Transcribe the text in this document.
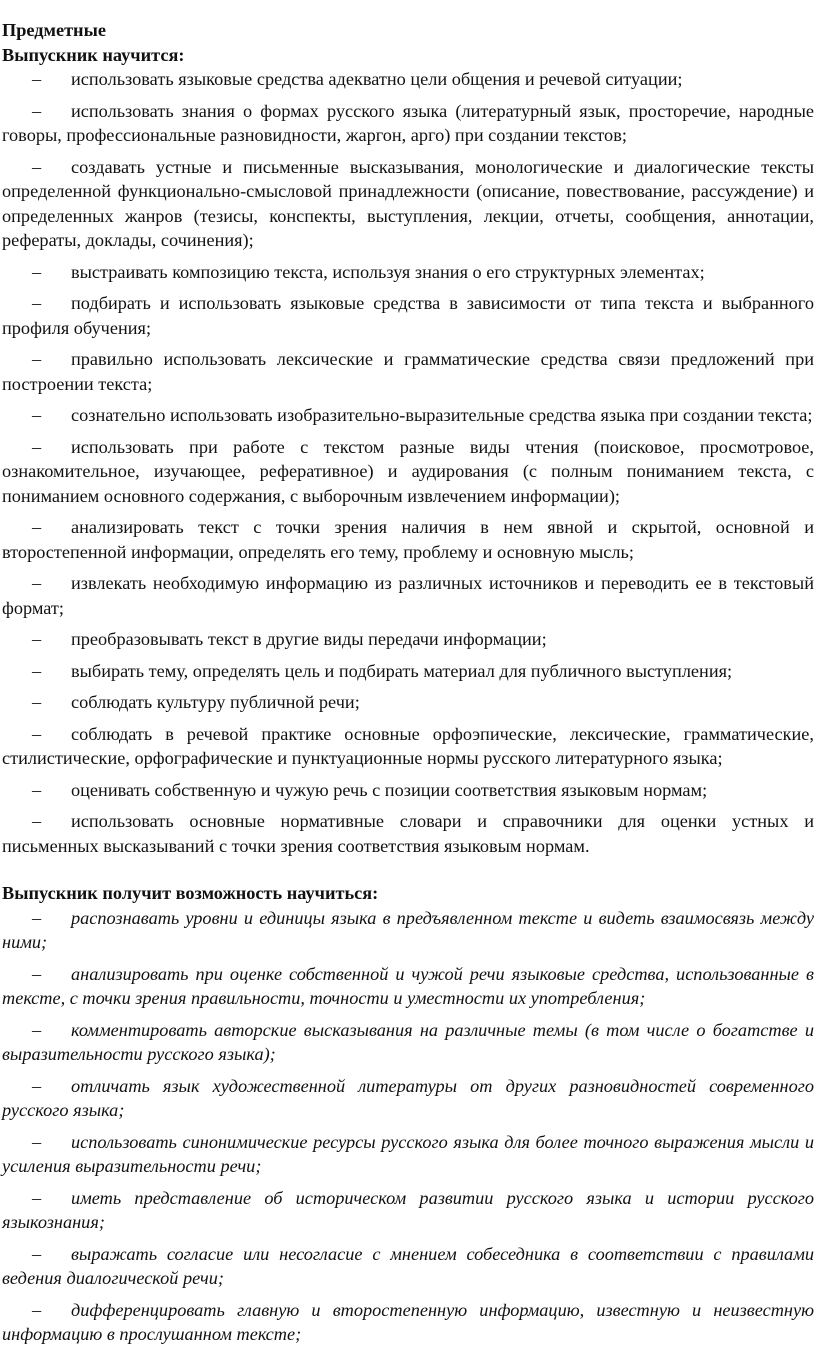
Предметные

Выпускник научится:

– использовать языковые средства адекватно цели общения и речевой ситуации;
– использовать знания о формах русского языка (литературный язык, просторечие, народные говоры, профессиональные разновидности, жаргон, арго) при создании текстов;
– создавать устные и письменные высказывания, монологические и диалогические тексты определенной функционально-смысловой принадлежности (описание, повествование, рассуждение) и определенных жанров (тезисы, конспекты, выступления, лекции, отчеты, сообщения, аннотации, рефераты, доклады, сочинения);
– выстраивать композицию текста, используя знания о его структурных элементах;
– подбирать и использовать языковые средства в зависимости от типа текста и выбранного профиля обучения;
– правильно использовать лексические и грамматические средства связи предложений при построении текста;
– сознательно использовать изобразительно-выразительные средства языка при создании текста;
– использовать при работе с текстом разные виды чтения (поисковое, просмотровое, ознакомительное, изучающее, реферативное) и аудирования (с полным пониманием текста, с пониманием основного содержания, с выборочным извлечением информации);
– анализировать текст с точки зрения наличия в нем явной и скрытой, основной и второстепенной информации, определять его тему, проблему и основную мысль;
– извлекать необходимую информацию из различных источников и переводить ее в текстовый формат;
– преобразовывать текст в другие виды передачи информации;
– выбирать тему, определять цель и подбирать материал для публичного выступления;
– соблюдать культуру публичной речи;
– соблюдать в речевой практике основные орфоэпические, лексические, грамматические, стилистические, орфографические и пунктуационные нормы русского литературного языка;
– оценивать собственную и чужую речь с позиции соответствия языковым нормам;
– использовать основные нормативные словари и справочники для оценки устных и письменных высказываний с точки зрения соответствия языковым нормам.

Выпускник получит возможность научиться:

– распознавать уровни и единицы языка в предъявленном тексте и видеть взаимосвязь между ними;
– анализировать при оценке собственной и чужой речи языковые средства, использованные в тексте, с точки зрения правильности, точности и уместности их употребления;
– комментировать авторские высказывания на различные темы (в том числе о богатстве и выразительности русского языка);
– отличать язык художественной литературы от других разновидностей современного русского языка;
– использовать синонимические ресурсы русского языка для более точного выражения мысли и усиления выразительности речи;
– иметь представление об историческом развитии русского языка и истории русского языкознания;
– выражать согласие или несогласие с мнением собеседника в соответствии с правилами ведения диалогической речи;
– дифференцировать главную и второстепенную информацию, известную и неизвестную информацию в прослушанном тексте;
